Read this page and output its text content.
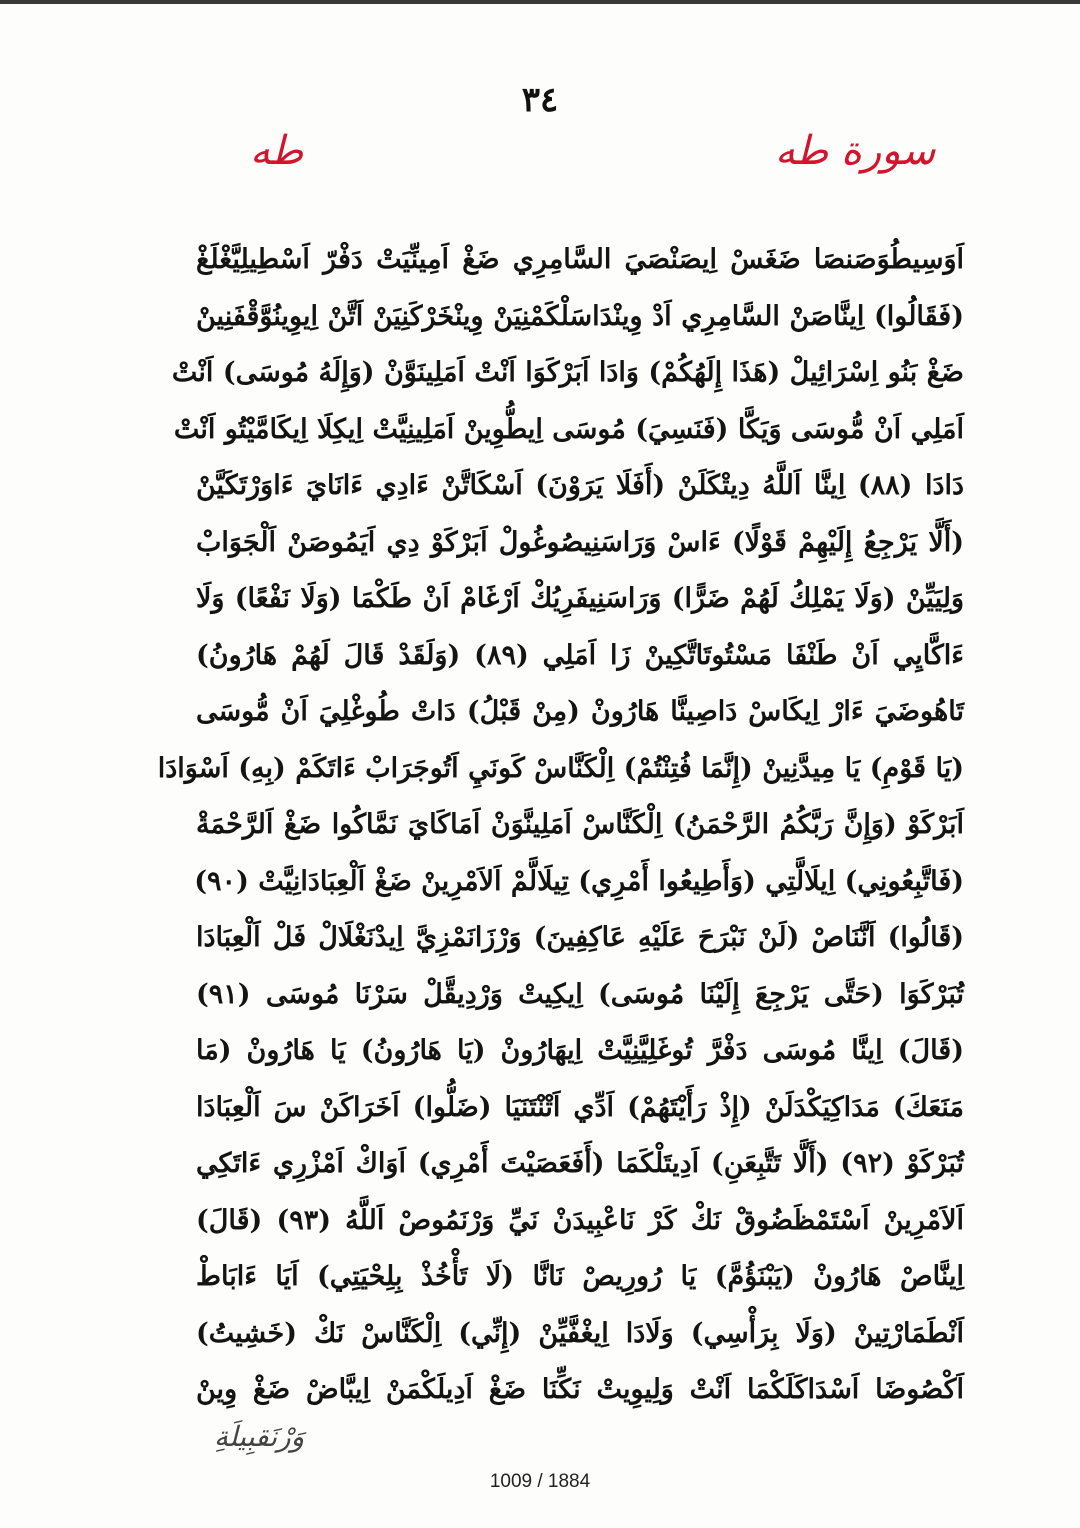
٣٤
طه	سورة طه
اَوَسِيطُوَصَنصَا ضَغَسْ اِيصَنْصَيَ السَّامِرِي ضَغْ اَمِينِّيَتْ دَفْرّ اَسْطِيلِيَّغْلَغْ
(فَقَالُوا) اِينَّاصَنْ السَّامِرِي اَدْ وِينْدَاسَلْكَمْنِيَنْ وِينْخَرْكَنِيَنْ اَتَّنْ اِيوِينُوَّقْفَنِينْ
ضَغْ بَنُو اِسْرَائِيلْ (هَذَا إِلَهُكُمْ) وَادَا اَبَرْكَوَا اَنْتْ اَمَلِينَوَّنْ (وَإِلَهُ مُوسَى) اَنْتْ
اَمَلِي اَنْ مُّوسَى وَيَكَّا (فَنَسِيَ) مُوسَى اِيطُّوِينْ اَمَلِينِيَّتْ اِيكِلَا اِيكَامَّيْتُو اَنْتْ
دَادَا (٨٨) اِينَّا اَللَّهُ دِيتْكَلَنْ (أَفَلَا يَرَوْنَ) اَسْكَاتَّنْ ءَادِي ءَانَايَ ءَاوَرْتَكَيَّنْ
(أَلَّا يَرْجِعُ إِلَيْهِمْ قَوْلًا) ءَاسْ وَرَاسَنِيصُوغُولْ اَبَرْكَوْ دِي اَيَمُوصَنْ اَلْجَوَابْ
وَلِيَيِّنْ (وَلَا يَمْلِكُ لَهُمْ ضَرًّا) وَرَاسَنِيفَرِيُكْ اَرْغَامْ اَنْ طَكْمَا (وَلَا نَفْعًا) وَلَا
ءَاكَّايِي اَنْ طَنْفَا مَسْتُوتَاتَّكِينْ زَا اَمَلِي (٨٩) (وَلَقَدْ قَالَ لَهُمْ هَارُونُ)
تَاهُوضَيَ ءَارْ اِيكَاسْ دَاصِينَّا هَارُونْ (مِنْ قَبْلُ) دَاتْ طُوغْلِيَ اَنْ مُّوسَى
(يَا قَوْمِ) يَا مِيدَّنِينْ (إِنَّمَا فُتِنْتُمْ) اِلْكَنَّاسْ كَونَيِ اَتُوجَرَابْ ءَاتَكَمْ (بِهِ) اَسْوَادَا
اَبَرْكَوْ (وَإِنَّ رَبَّكُمُ الرَّحْمَنُ) اِلْكَنَّاسْ اَمَلِينَّوَنْ اَمَاكَايَ نَمَّاكُوا ضَغْ اَلرَّحْمَةْ
(فَاتَّبِعُونِي) اِيلَالَّتِي (وَأَطِيعُوا أَمْرِي) تِيلَالَّمْ اَلاَمْرِينْ ضَغْ اَلْعِبَادَانِيَّتْ (٩٠)
(قَالُوا) اَنَّنَاصْ (لَنْ نَبْرَحَ عَلَيْهِ عَاكِفِينَ) وَرْزَانَمْزِيَّ اِيدْنَغْلَالْ فَلْ اَلْعِبَادَا
تُبَرْكَوَا (حَتَّى يَرْجِعَ إِلَيْنَا مُوسَى) اِيكِيتْ وَرْدِيقَّلْ سَرْنَا مُوسَى (٩١)
(قَالَ) اِينَّا مُوسَى دَفْرَّ تُوغَلِيَّنِيَّتْ اِيهَارُونْ (يَا هَارُونُ) يَا هَارُونْ (مَا
مَنَعَكَ) مَدَاكِيَكْدَلَنْ (إِذْ رَأَيْتَهُمْ) اَدِّي اَتْنْتَنَيَا (ضَلُّوا) اَخَرَاكَنْ سَ اَلْعِبَادَا
تُبَرْكَوْ (٩٢) (أَلَّا تَتَّبِعَنِ) اَدِيتَلْكَمَا (أَفَعَصَيْتَ أَمْرِي) اَوَاكْ اَمْزْرِي ءَاتَكِي
اَلاَمْرِينْ اَسْتَمْظَضُوقْ نَكْ كَرْ نَاعْبِيدَنْ نَيِّ وَرْنَمُوصْ اَللَّهُ (٩٣) (قَالَ)
اِينَّاصْ هَارُونْ (يَبْنَؤُمَّ) يَا رُورِيصْ نَانَّا (لَا تَأْخُذْ بِلِحْيَتِي) اَيَا ءَابَاطْ
اَنْطَمَارْتِينْ (وَلَا بِرَأْسِي) وَلَادَا اِيغْفَّيِّنْ (إِنِّي) اِلْكَنَّاسْ نَكْ (خَشِيتُ)
اَكْصُوضَا اَسْدَاكَلَكْمَا اَنْتْ وَلِيوِيتْ نَكِّنَا ضَغْ اَدِيلَكْمَنْ اِيبَّاضْ ضَغْ وِينْ
وَرْنَقبِيلَةِ
1009 / 1884
